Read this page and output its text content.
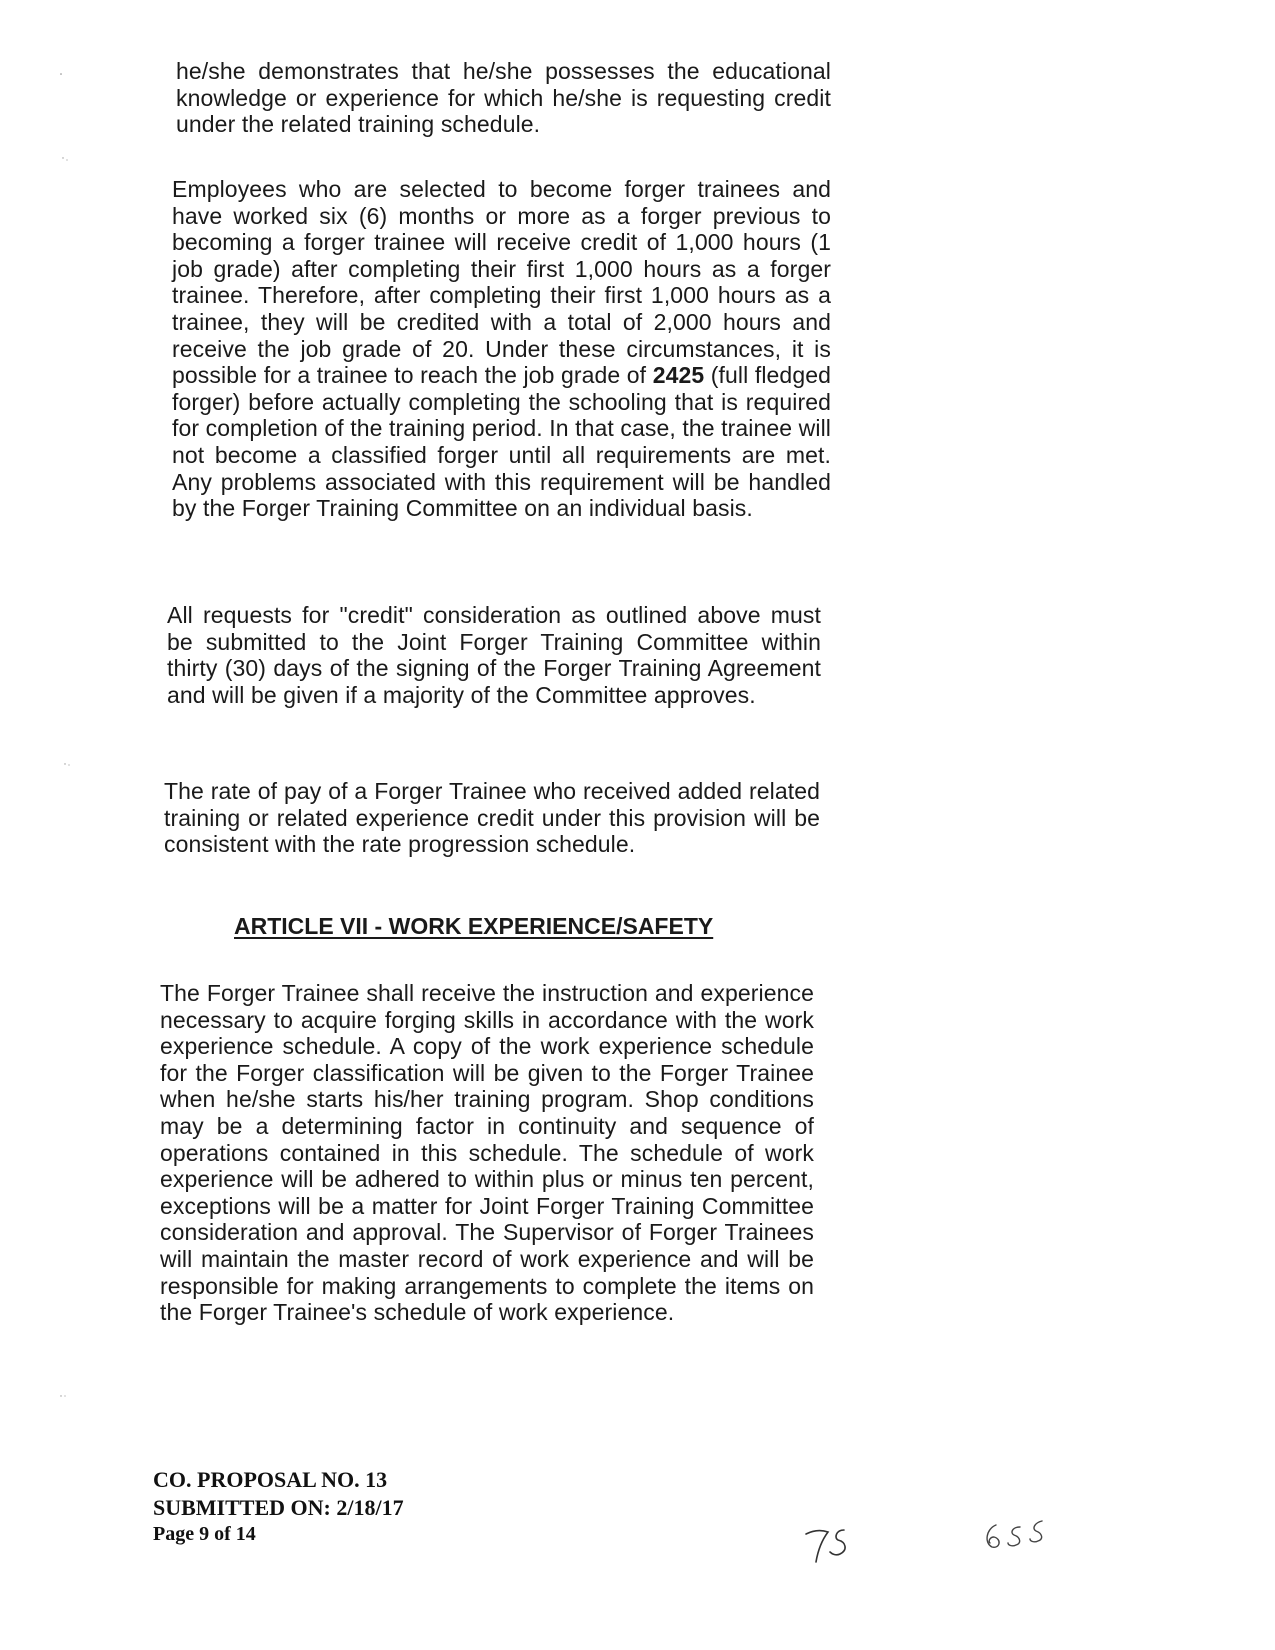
he/she demonstrates that he/she possesses the educational knowledge or experience for which he/she is requesting credit under the related training schedule.

Employees who are selected to become forger trainees and have worked six (6) months or more as a forger previous to becoming a forger trainee will receive credit of 1,000 hours (1 job grade) after completing their first 1,000 hours as a forger trainee. Therefore, after completing their first 1,000 hours as a trainee, they will be credited with a total of 2,000 hours and receive the job grade of 20. Under these circumstances, it is possible for a trainee to reach the job grade of 2425 (full fledged forger) before actually completing the schooling that is required for completion of the training period. In that case, the trainee will not become a classified forger until all requirements are met. Any problems associated with this requirement will be handled by the Forger Training Committee on an individual basis.

All requests for "credit" consideration as outlined above must be submitted to the Joint Forger Training Committee within thirty (30) days of the signing of the Forger Training Agreement and will be given if a majority of the Committee approves.

The rate of pay of a Forger Trainee who received added related training or related experience credit under this provision will be consistent with the rate progression schedule.

ARTICLE VII - WORK EXPERIENCE/SAFETY

The Forger Trainee shall receive the instruction and experience necessary to acquire forging skills in accordance with the work experience schedule. A copy of the work experience schedule for the Forger classification will be given to the Forger Trainee when he/she starts his/her training program. Shop conditions may be a determining factor in continuity and sequence of operations contained in this schedule. The schedule of work experience will be adhered to within plus or minus ten percent, exceptions will be a matter for Joint Forger Training Committee consideration and approval. The Supervisor of Forger Trainees will maintain the master record of work experience and will be responsible for making arrangements to complete the items on the Forger Trainee's schedule of work experience.

CO. PROPOSAL NO. 13
SUBMITTED ON: 2/18/17
Page 9 of 14
